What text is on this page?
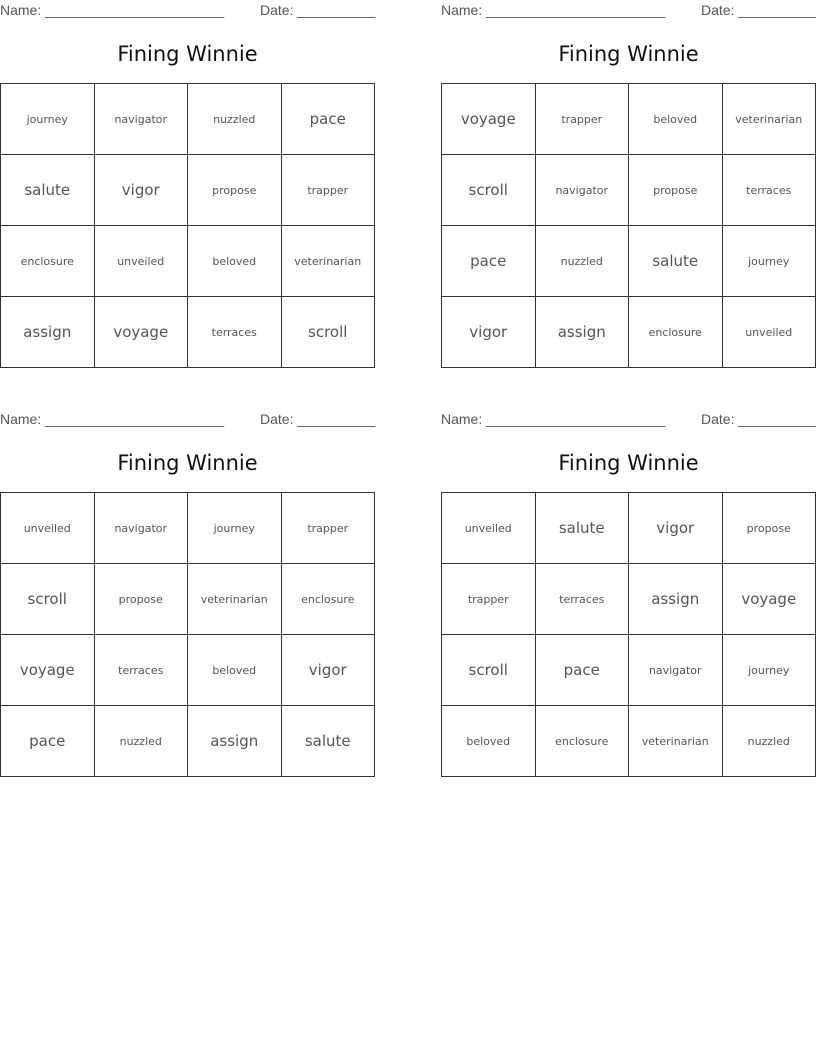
Name: _______________________	Date: __________
Fining Winnie
journey	navigator	nuzzled	pace
salute	vigor	propose	trapper
enclosure	unveiled	beloved	veterinarian
assign	voyage	terraces	scroll
Name: _______________________	Date: __________
Fining Winnie
voyage	trapper	beloved	veterinarian
scroll	navigator	propose	terraces
pace	nuzzled	salute	journey
vigor	assign	enclosure	unveiled
Name: _______________________	Date: __________
Fining Winnie
unveiled	navigator	journey	trapper
scroll	propose	veterinarian	enclosure
voyage	terraces	beloved	vigor
pace	nuzzled	assign	salute
Name: _______________________	Date: __________
Fining Winnie
unveiled	salute	vigor	propose
trapper	terraces	assign	voyage
scroll	pace	navigator	journey
beloved	enclosure	veterinarian	nuzzled
